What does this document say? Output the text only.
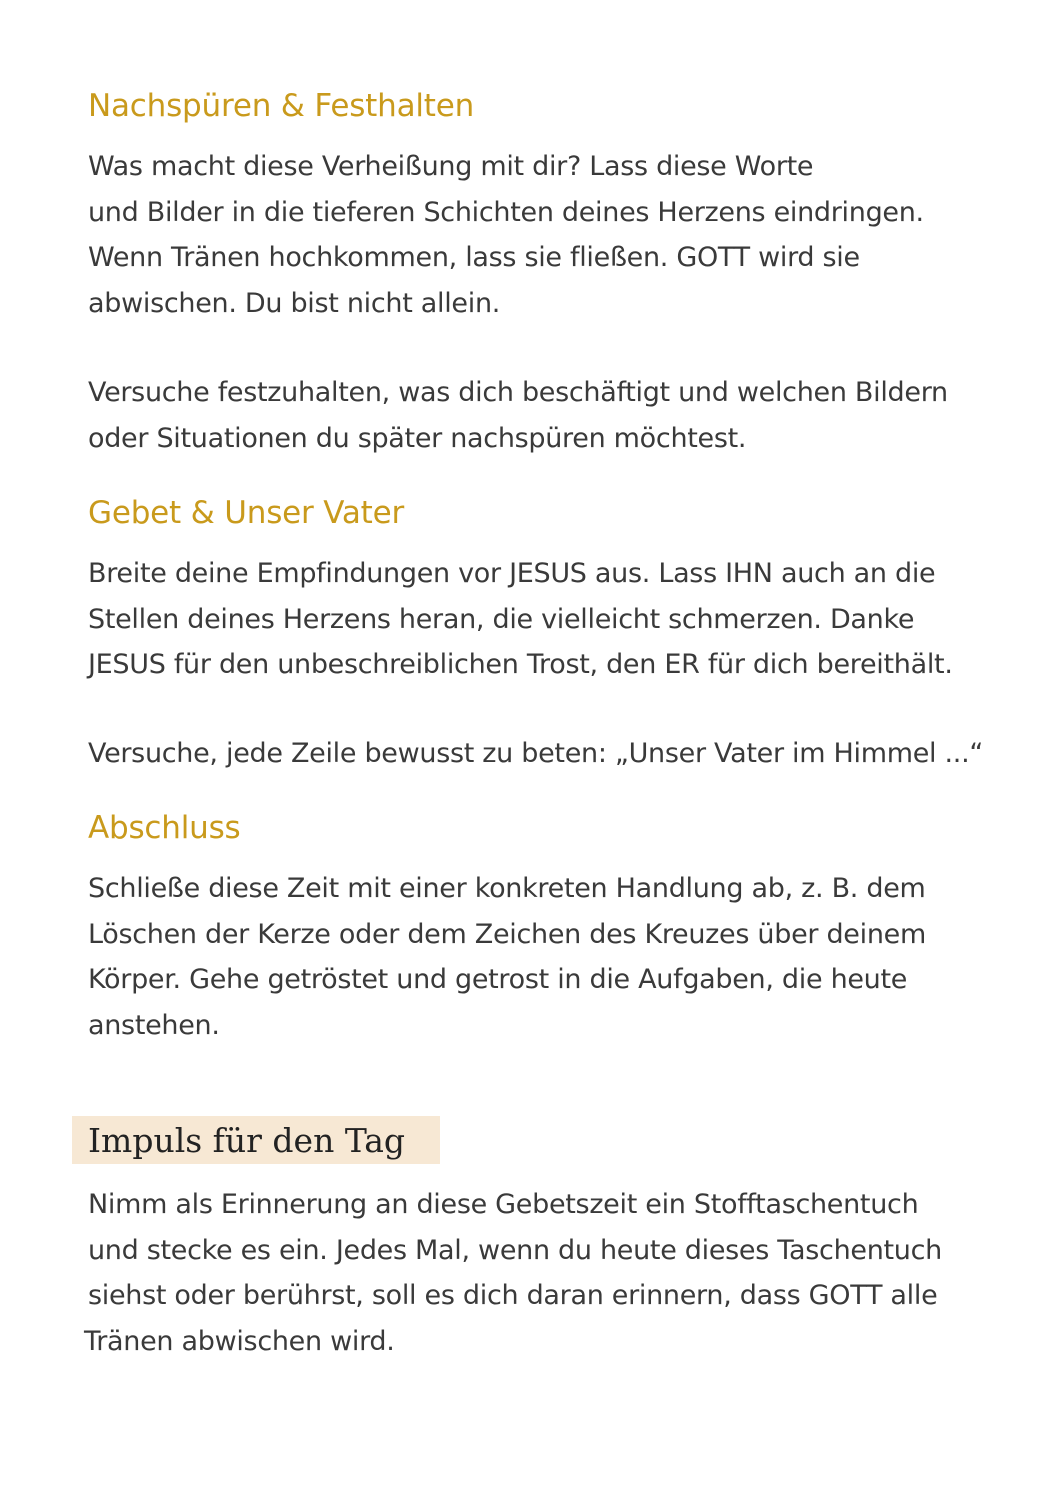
Nachspüren & Festhalten
Was macht diese Verheißung mit dir? Lass diese Worte
und Bilder in die tieferen Schichten deines Herzens eindringen.
Wenn Tränen hochkommen, lass sie fließen. GOTT wird sie
abwischen. Du bist nicht allein.
Versuche festzuhalten, was dich beschäftigt und welchen Bildern
oder Situationen du später nachspüren möchtest.
Gebet & Unser Vater
Breite deine Empfindungen vor JESUS aus. Lass IHN auch an die
Stellen deines Herzens heran, die vielleicht schmerzen. Danke
JESUS für den unbeschreiblichen Trost, den ER für dich bereithält.
Versuche, jede Zeile bewusst zu beten: „Unser Vater im Himmel ...“
Abschluss
Schließe diese Zeit mit einer konkreten Handlung ab, z. B. dem
Löschen der Kerze oder dem Zeichen des Kreuzes über deinem
Körper. Gehe getröstet und getrost in die Aufgaben, die heute
anstehen.
Impuls für den Tag
Nimm als Erinnerung an diese Gebetszeit ein Stofftaschentuch
und stecke es ein. Jedes Mal, wenn du heute dieses Taschentuch
siehst oder berührst, soll es dich daran erinnern, dass GOTT alle
Tränen abwischen wird.
